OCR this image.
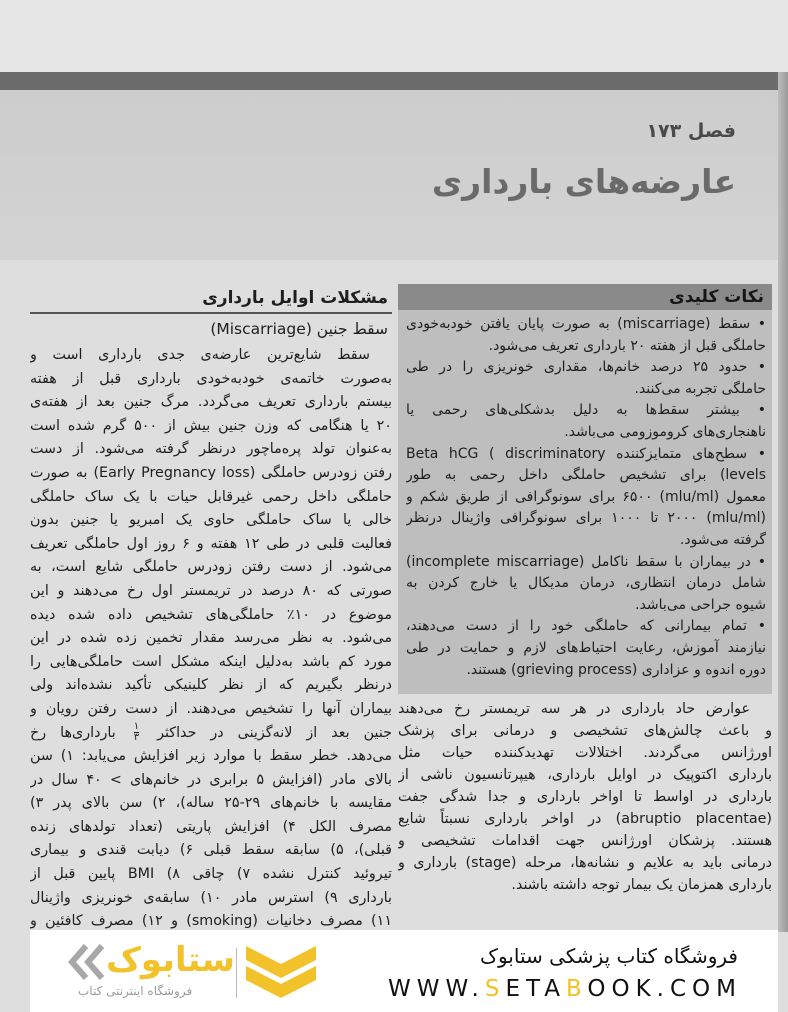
فصل ۱۷۳
عارضه‌های بارداری
مشکلات اوایل بارداری
سقط جنین (Miscarriage)
سقط شایع‌ترین عارضه‌ی جدی بارداری است و
به‌صورت خاتمه‌ی خودبه‌خودی بارداری قبل از هفته
بیستم بارداری تعریف می‌گردد. مرگ جنین بعد از هفته‌ی
۲۰ یا هنگامی که وزن جنین بیش از ۵۰۰ گرم شده است
به‌عنوان تولد پره‌ماچور درنظر گرفته می‌شود. از دست
رفتن زودرس حاملگی (Early Pregnancy loss) به صورت
حاملگی داخل رحمی غیرقابل حیات با یک ساک حاملگی
خالی یا ساک حاملگی حاوی یک امبریو یا جنین بدون
فعالیت قلبی در طی ۱۲ هفته و ۶ روز اول حاملگی تعریف
می‌شود. از دست رفتن زودرس حاملگی شایع است، به
صورتی که ۸۰ درصد در تریمستر اول رخ می‌دهند و این
موضوع در ۱۰٪ حاملگی‌های تشخیص داده شده دیده
می‌شود. به نظر می‌رسد مقدار تخمین زده شده در این
مورد کم باشد به‌دلیل اینکه مشکل است حاملگی‌هایی را
درنظر بگیریم که از نظر کلینیکی تأکید نشده‌اند ولی
بیماران آنها را تشخیص می‌دهند. از دست رفتن رویان و
جنین بعد از لانه‌گزینی در حداکثر
$\frac{۱}{۳}$
بارداری‌ها رخ
می‌دهد. خطر سقط با موارد زیر افزایش می‌یابد: ۱) سن
بالای مادر (افزایش ۵ برابری در خانم‌های > ۴۰ سال در
مقایسه با خانم‌های ۲۹-۲۵ ساله)، ۲) سن بالای پدر ۳)
مصرف الکل ۴) افزایش پاریتی (تعداد تولدهای زنده
قبلی)، ۵) سابقه سقط قبلی ۶) دیابت قندی و بیماری
تیروئید کنترل نشده ۷) چاقی ۸) BMI پایین قبل از
بارداری ۹) استرس مادر ۱۰) سابقه‌ی خونریزی واژینال
۱۱) مصرف دخانیات (smoking) و ۱۲) مصرف کافئین و
نکات کلیدی
• سقط (miscarriage) به صورت پایان یافتن خودبه‌خودی
حاملگی قبل از هفته ۲۰ بارداری تعریف می‌شود.
• حدود ۲۵ درصد خانم‌ها، مقداری خونریزی را در طی
حاملگی تجربه می‌کنند.
• بیشتر سقط‌ها به دلیل بدشکلی‌های رحمی یا
ناهنجاری‌های کروموزومی می‌باشد.
• سطح‌های متمایزکننده Beta hCG ( discriminatory
levels) برای تشخیص حاملگی داخل رحمی به طور
معمول (mlu/ml) ۶۵۰۰ برای سونوگرافی از طریق شکم و
(mlu/ml) ۲۰۰۰ تا ۱۰۰۰ برای سونوگرافی واژینال درنظر
گرفته می‌شود.
• در بیماران با سقط ناکامل (incomplete miscarriage)
شامل درمان انتظاری، درمان مدیکال یا خارج کردن به
شیوه جراحی می‌باشد.
• تمام بیمارانی که حاملگی خود را از دست می‌دهند،
نیازمند آموزش، رعایت احتیاط‌های لازم و حمایت در طی
دوره اندوه و عزاداری (grieving process) هستند.
عوارض حاد بارداری در هر سه تریمستر رخ می‌دهند
و باعث چالش‌های تشخیصی و درمانی برای پزشک
اورژانس می‌گردند. اختلالات تهدیدکننده حیات مثل
بارداری اکتوپیک در اوایل بارداری، هیپرتانسیون ناشی از
بارداری در اواسط تا اواخر بارداری و جدا شدگی جفت
(abruptio placentae) در اواخر بارداری نسبتاً شایع
هستند. پزشکان اورژانس جهت اقدامات تشخیصی و
درمانی باید به علایم و نشانه‌ها، مرحله (stage) بارداری و
بارداری همزمان یک بیمار توجه داشته باشند.
ستابوک
فروشگاه اینترنتی کتاب
فروشگاه کتاب پزشکی ستابوک
WWW.SETABOOK.COM
